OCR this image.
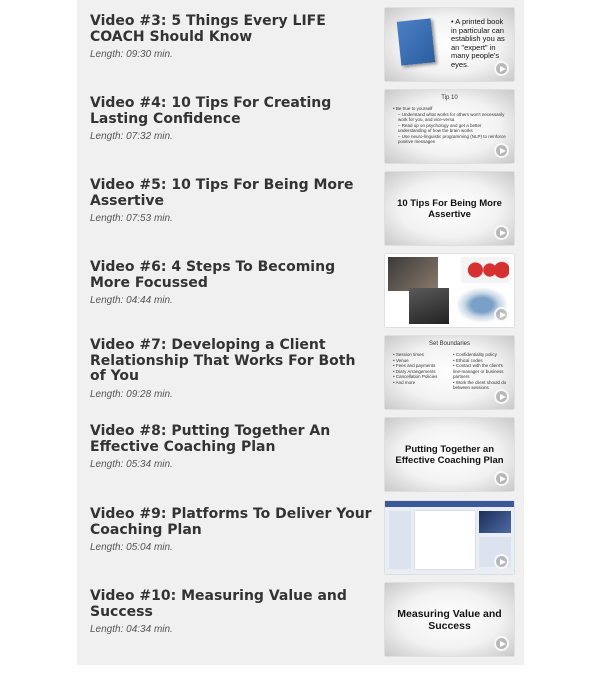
Video #3: 5 Things Every LIFE COACH Should Know
Length: 09:30 min.
• A printed book in particular can establish you as an "expert" in many people's eyes.
Video #4: 10 Tips For Creating Lasting Confidence
Length: 07:32 min.
Tip 10
• Be true to yourself
– Understand what works for others won't necessarily work for you, and vice-versa
– Read up on psychology and get a better understanding of how the brain works
– Use neuro-linguistic programming (NLP) to reinforce positive messages
Video #5: 10 Tips For Being More Assertive
Length: 07:53 min.
10 Tips For Being More Assertive
Video #6: 4 Steps To Becoming More Focussed
Length: 04:44 min.
Video #7: Developing a Client Relationship That Works For Both of You
Length: 09:28 min.
Set Boundaries
• Session times
• Venue
• Fees and payments
• Diary Arrangements
• Cancellation Policies
• And more
• Confidentiality policy
• Ethical codes
• Contact with the client's line-manager or business partners
• Work the client should do between sessions
Video #8: Putting Together An Effective Coaching Plan
Length: 05:34 min.
Putting Together an Effective Coaching Plan
Video #9: Platforms To Deliver Your Coaching Plan
Length: 05:04 min.
Video #10: Measuring Value and Success
Length: 04:34 min.
Measuring Value and Success
